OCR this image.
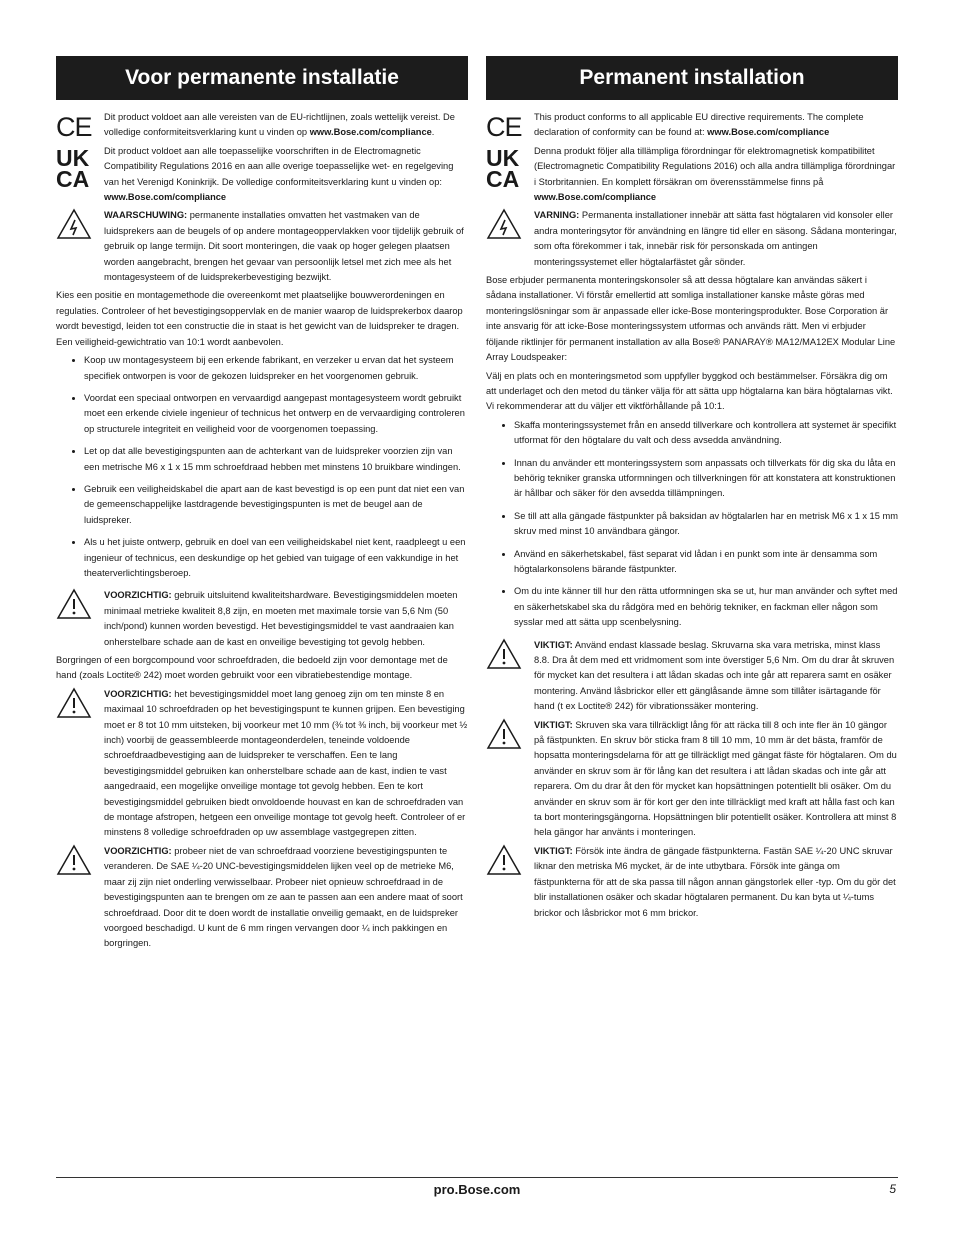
Voor permanente installatie
CE
UK
CA

Dit product voldoet aan alle vereisten van de EU-richtlijnen, zoals wettelijk vereist. De volledige conformiteitsverklaring kunt u vinden op www.Bose.com/compliance.

Dit product voldoet aan alle toepasselijke voorschriften in de Electromagnetic Compatibility Regulations 2016 en aan alle overige toepasselijke wet- en regelgeving van het Verenigd Koninkrijk. De volledige conformiteitsverklaring kunt u vinden op:
www.Bose.com/compliance

WAARSCHUWING: permanente installaties omvatten het vastmaken van de luidsprekers aan de beugels of op andere montageoppervlakken voor tijdelijk gebruik of gebruik op lange termijn. Dit soort monteringen, die vaak op hoger gelegen plaatsen worden aangebracht, brengen het gevaar van persoonlijk letsel met zich mee als het montagesysteem of de luidsprekerbevestiging bezwijkt.

Kies een positie en montagemethode die overeenkomt met plaatselijke bouwverordeningen en regulaties. Controleer of het bevestigingsoppervlak en de manier waarop de luidsprekerbox daarop wordt bevestigd, leiden tot een constructie die in staat is het gewicht van de luidspreker te dragen. Een veiligheid-gewichtratio van 10:1 wordt aanbevolen.

• Koop uw montagesysteem bij een erkende fabrikant, en verzeker u ervan dat het systeem specifiek ontworpen is voor de gekozen luidspreker en het voorgenomen gebruik.
• Voordat een speciaal ontworpen en vervaardigd aangepast montagesysteem wordt gebruikt moet een erkende civiele ingenieur of technicus het ontwerp en de vervaardiging controleren op structurele integriteit en veiligheid voor de voorgenomen toepassing.
• Let op dat alle bevestigingspunten aan de achterkant van de luidspreker voorzien zijn van een metrische M6 x 1 x 15 mm schroefdraad hebben met minstens 10 bruikbare windingen.
• Gebruik een veiligheidskabel die apart aan de kast bevestigd is op een punt dat niet een van de gemeenschappelijke lastdragende bevestigingspunten is met de beugel aan de luidspreker.
• Als u het juiste ontwerp, gebruik en doel van een veiligheidskabel niet kent, raadpleegt u een ingenieur of technicus, een deskundige op het gebied van tuigage of een vakkundige in het theaterverlichtingsberoep.

VOORZICHTIG: gebruik uitsluitend kwaliteitshardware. Bevestigingsmiddelen moeten minimaal metrieke kwaliteit 8,8 zijn, en moeten met maximale torsie van 5,6 Nm (50 inch/pond) kunnen worden bevestigd. Het bevestigingsmiddel te vast aandraaien kan onherstelbare schade aan de kast en onveilige bevestiging tot gevolg hebben.

Borgringen of een borgcompound voor schroefdraden, die bedoeld zijn voor demontage met de hand (zoals Loctite® 242) moet worden gebruikt voor een vibratiebestendige montage.

VOORZICHTIG: het bevestigingsmiddel moet lang genoeg zijn om ten minste 8 en maximaal 10 schroefdraden op het bevestigingspunt te kunnen grijpen. Een bevestiging moet er 8 tot 10 mm uitsteken, bij voorkeur met 10 mm (⅜ tot ⅜ inch, bij voorkeur met ½ inch) voorbij de geassembleerde montageonderdelen, teneinde voldoende schroefdraadbevestiging aan de luidspreker te verschaffen. Een te lang bevestigingsmiddel gebruiken kan onherstelbare schade aan de kast, indien te vast aangedraaid, een mogelijke onveilige montage tot gevolg hebben. Een te kort bevestigingsmiddel gebruiken biedt onvoldoende houvast en kan de schroefdraden van de montage afstropen, hetgeen een onveilige montage tot gevolg heeft. Controleer of er minstens 8 volledige schroefdraden op uw assemblage vastgegrepen zitten.

VOORZICHTIG: probeer niet de van schroefdraad voorziene bevestigingspunten te veranderen. De SAE ¼-20 UNC-bevestigingsmiddelen lijken veel op de metrieke M6, maar zij zijn niet onderling verwisselbaar. Probeer niet opnieuw schroefdraad in de bevestigingspunten aan te brengen om ze aan te passen aan een andere maat of soort schroefdraad. Door dit te doen wordt de installatie onveilig gemaakt, en de luidspreker voorgoed beschadigd. U kunt de 6 mm ringen vervangen door ¼ inch pakkingen en borgringen.

Permanent installation
CE
UK
CA

This product conforms to all applicable EU directive requirements. The complete declaration of conformity can be found at: www.Bose.com/compliance

Denna produkt följer alla tillämpliga förordningar för elektromagnetisk kompatibilitet (Electromagnetic Compatibility Regulations 2016) och alla andra tillämpliga förordningar i Storbritannien. En komplett försäkran om överensstämmelse finns på
www.Bose.com/compliance

VARNING: Permanenta installationer innebär att sätta fast högtalaren vid konsoler eller andra monteringsytor för användning en längre tid eller en säsong. Sådana monteringar, som ofta förekommer i tak, innebär risk för personskada om antingen monteringssystemet eller högtalarfästet går sönder.

Bose erbjuder permanenta monteringskonsoler så att dessa högtalare kan användas säkert i sådana installationer. Vi förstår emellertid att somliga installationer kanske måste göras med monteringslösningar som är anpassade eller icke-Bose monteringsprodukter. Bose Corporation är inte ansvarig för att icke-Bose monteringssystem utformas och används rätt. Men vi erbjuder följande riktlinjer för permanent installation av alla Bose® PANARAY® MA12/MA12EX Modular Line Array Loudspeaker:

Välj en plats och en monteringsmetod som uppfyller byggkod och bestämmelser. Försäkra dig om att underlaget och den metod du tänker välja för att sätta upp högtalarna kan bära högtalarnas vikt. Vi rekommenderar att du väljer ett viktförhållande på 10:1.

• Skaffa monteringssystemet från en ansedd tillverkare och kontrollera att systemet är specifikt utformat för den högtalare du valt och dess avsedda användning.
• Innan du använder ett monteringssystem som anpassats och tillverkats för dig ska du låta en behörig tekniker granska utformningen och tillverkningen för att konstatera att konstruktionen är hållbar och säker för den avsedda tillämpningen.
• Se till att alla gängade fästpunkter på baksidan av högtalarlen har en metrisk M6 x 1 x 15 mm skruv med minst 10 användbara gängor.
• Använd en säkerhetskabel, fäst separat vid lådan i en punkt som inte är densamma som högtalarkonsolens bärande fästpunkter.
• Om du inte känner till hur den rätta utformningen ska se ut, hur man använder och syftet med en säkerhetskabel ska du rådgöra med en behörig tekniker, en fackman eller någon som sysslar med att sätta upp scenbelysning.

VIKTIGT: Använd endast klassade beslag. Skruvarna ska vara metriska, minst klass 8.8. Dra åt dem med ett vridmoment som inte överstiger 5,6 Nm. Om du drar åt skruven för mycket kan det resultera i att lådan skadas och inte går att reparera samt en osäker montering. Använd låsbrickor eller ett gänglåsande ämne som tillåter isärtagande för hand (t ex Loctite® 242) för vibrationssäker montering.

VIKTIGT: Skruven ska vara tillräckligt lång för att räcka till 8 och inte fler än 10 gängor på fästpunkten. En skruv bör sticka fram 8 till 10 mm, 10 mm är det bästa, framför de hopsatta monteringsdelarna för att ge tillräckligt med gängat fäste för högtalaren. Om du använder en skruv som är för lång kan det resultera i att lådan skadas och inte går att reparera. Om du drar åt den för mycket kan hopsättningen potentiellt bli osäker. Om du använder en skruv som är för kort ger den inte tillräckligt med kraft att hålla fast och kan ta bort monteringsgängorna. Hopsättningen blir potentiellt osäker. Kontrollera att minst 8 hela gängor har använts i monteringen.

VIKTIGT: Försök inte ändra de gängade fästpunkterna. Fastän SAE ¼-20 UNC skruvar liknar den metriska M6 mycket, är de inte utbytbara. Försök inte gänga om fästpunkterna för att de ska passa till någon annan gängstorlek eller -typ. Om du gör det blir installationen osäker och skadar högtalaren permanent. Du kan byta ut ¼-tums brickor och låsbrickor mot 6 mm brickor.

pro.Bose.com	5
